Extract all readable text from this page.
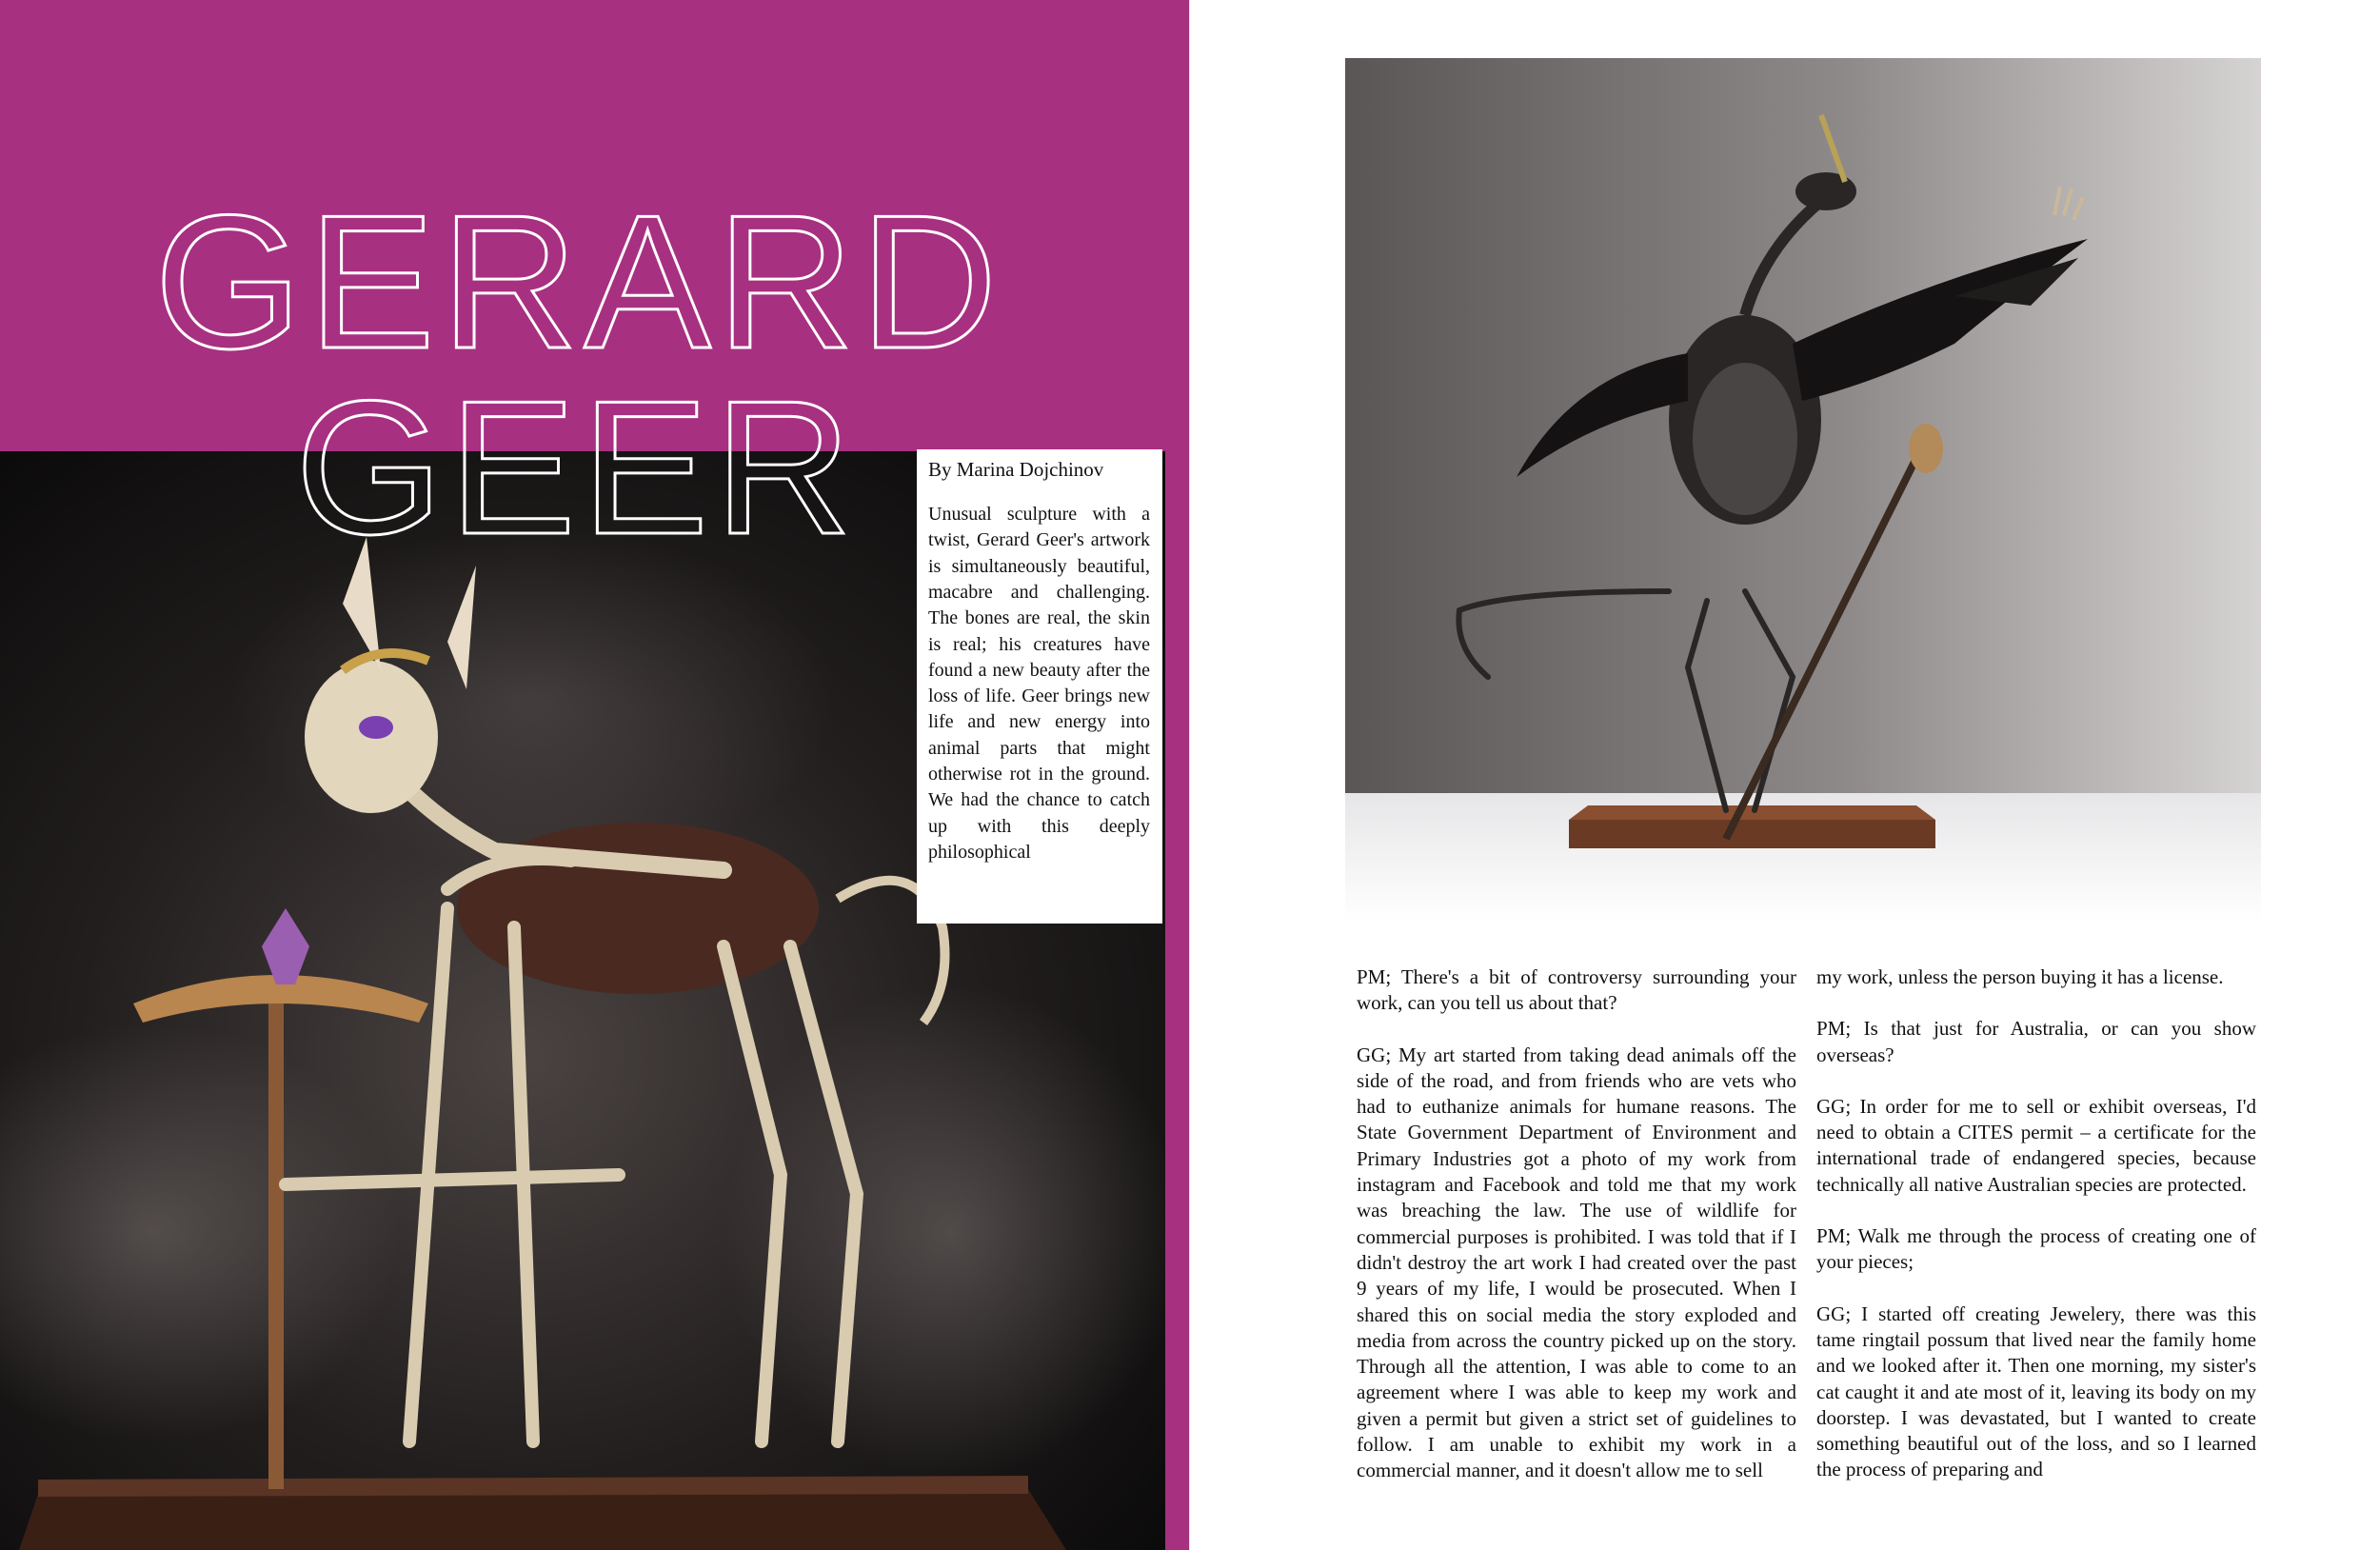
GERARD
GEER	By Marina Dojchinov

Unusual sculpture with a twist, Gerard Geer's artwork is simultaneously beautiful, macabre and challenging. The bones are real, the skin is real; his creatures have found a new beauty after the loss of life. Geer brings new life and new energy into animal parts that might otherwise rot in the ground. We had the chance to catch up with this deeply philosophical

PM; There's a bit of controversy surrounding your work, can you tell us about that?

GG; My art started from taking dead animals off the side of the road, and from friends who are vets who had to euthanize animals for humane reasons. The State Government Department of Environment and Primary Industries got a photo of my work from instagram and Facebook and told me that my work was breaching the law. The use of wildlife for commercial purposes is prohibited. I was told that if I didn't destroy the art work I had created over the past 9 years of my life, I would be prosecuted. When I shared this on social media the story exploded and media from across the country picked up on the story. Through all the attention, I was able to come to an agreement where I was able to keep my work and given a permit but given a strict set of guidelines to follow. I am unable to exhibit my work in a commercial manner, and it doesn't allow me to sell

my work, unless the person buying it has a license.

PM; Is that just for Australia, or can you show overseas?

GG; In order for me to sell or exhibit overseas, I'd need to obtain a CITES permit – a certificate for the international trade of endangered species, because technically all native Australian species are protected.

PM; Walk me through the process of creating one of your pieces;

GG; I started off creating Jewelery, there was this tame ringtail possum that lived near the family home and we looked after it. Then one morning, my sister's cat caught it and ate most of it, leaving its body on my doorstep. I was devastated, but I wanted to create something beautiful out of the loss, and so I learned the process of preparing and
